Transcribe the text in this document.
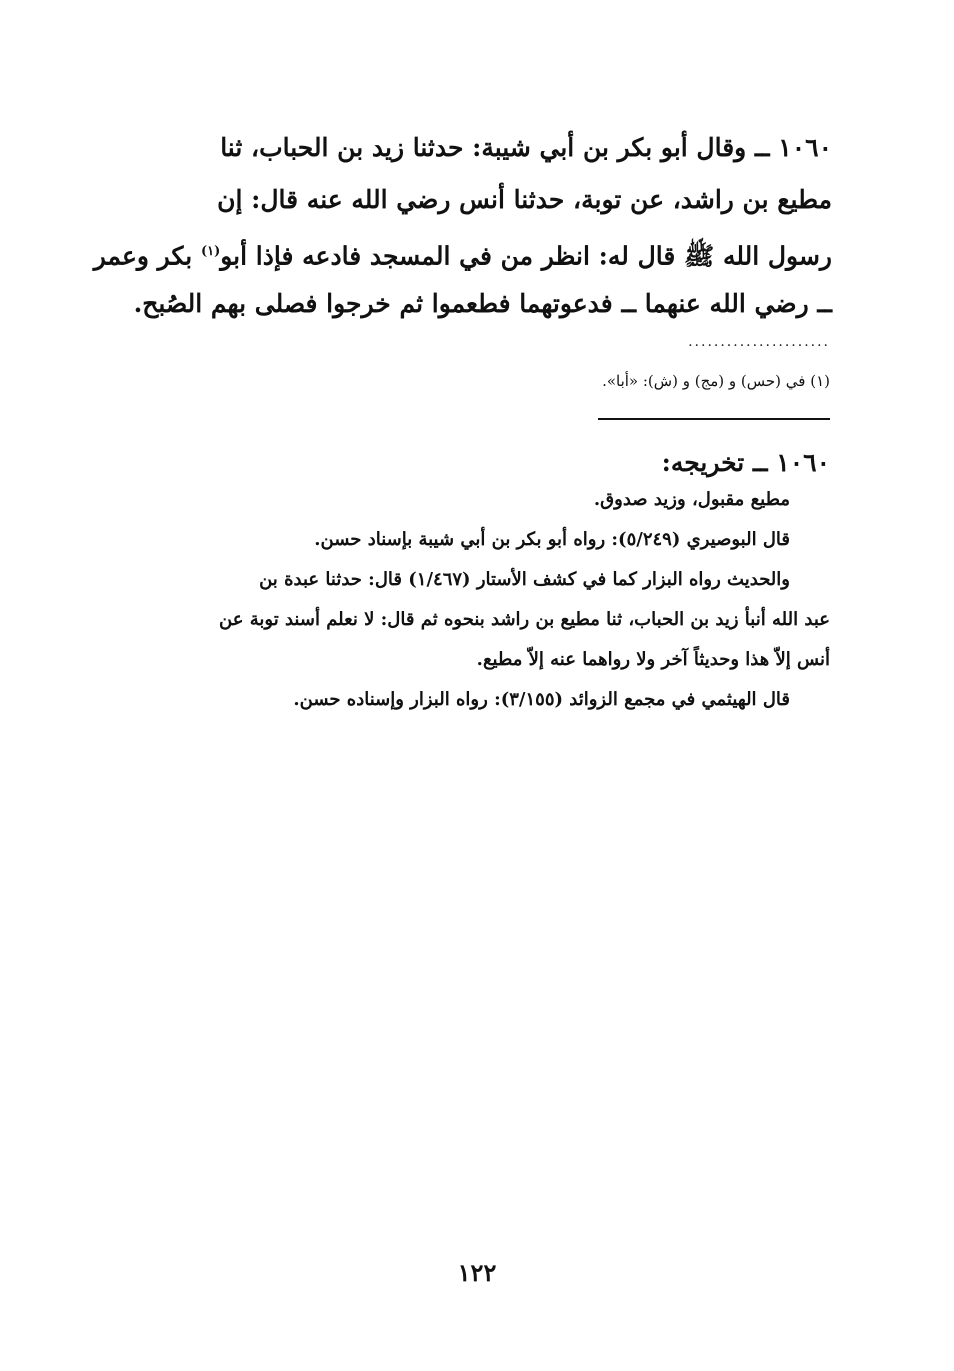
١٠٦٠ ــ وقال أبو بكر بن أبي شيبة: حدثنا زيد بن الحباب، ثنا
مطيع بن راشد، عن توبة، حدثنا أنس رضي الله عنه قال: إن
رسول الله ﷺ قال له: انظر من في المسجد فادعه فإذا أبو$^{(١)}$ بكر وعمر
ــ رضي الله عنهما ــ فدعوتهما فطعموا ثم خرجوا فصلى بهم الصُبح.
......................
(١) في (حس) و (مج) و (ش): «أبا».
١٠٦٠ ــ تخريجه:
مطيع مقبول، وزيد صدوق.
قال البوصيري (٥/٢٤٩): رواه أبو بكر بن أبي شيبة بإسناد حسن.
والحديث رواه البزار كما في كشف الأستار (١/٤٦٧) قال: حدثنا عبدة بن
عبد الله أنبأ زيد بن الحباب، ثنا مطيع بن راشد بنحوه ثم قال: لا نعلم أسند توبة عن
أنس إلاّ هذا وحديثاً آخر ولا رواهما عنه إلاّ مطيع.
قال الهيثمي في مجمع الزوائد (٣/١٥٥): رواه البزار وإسناده حسن.
١٢٢
